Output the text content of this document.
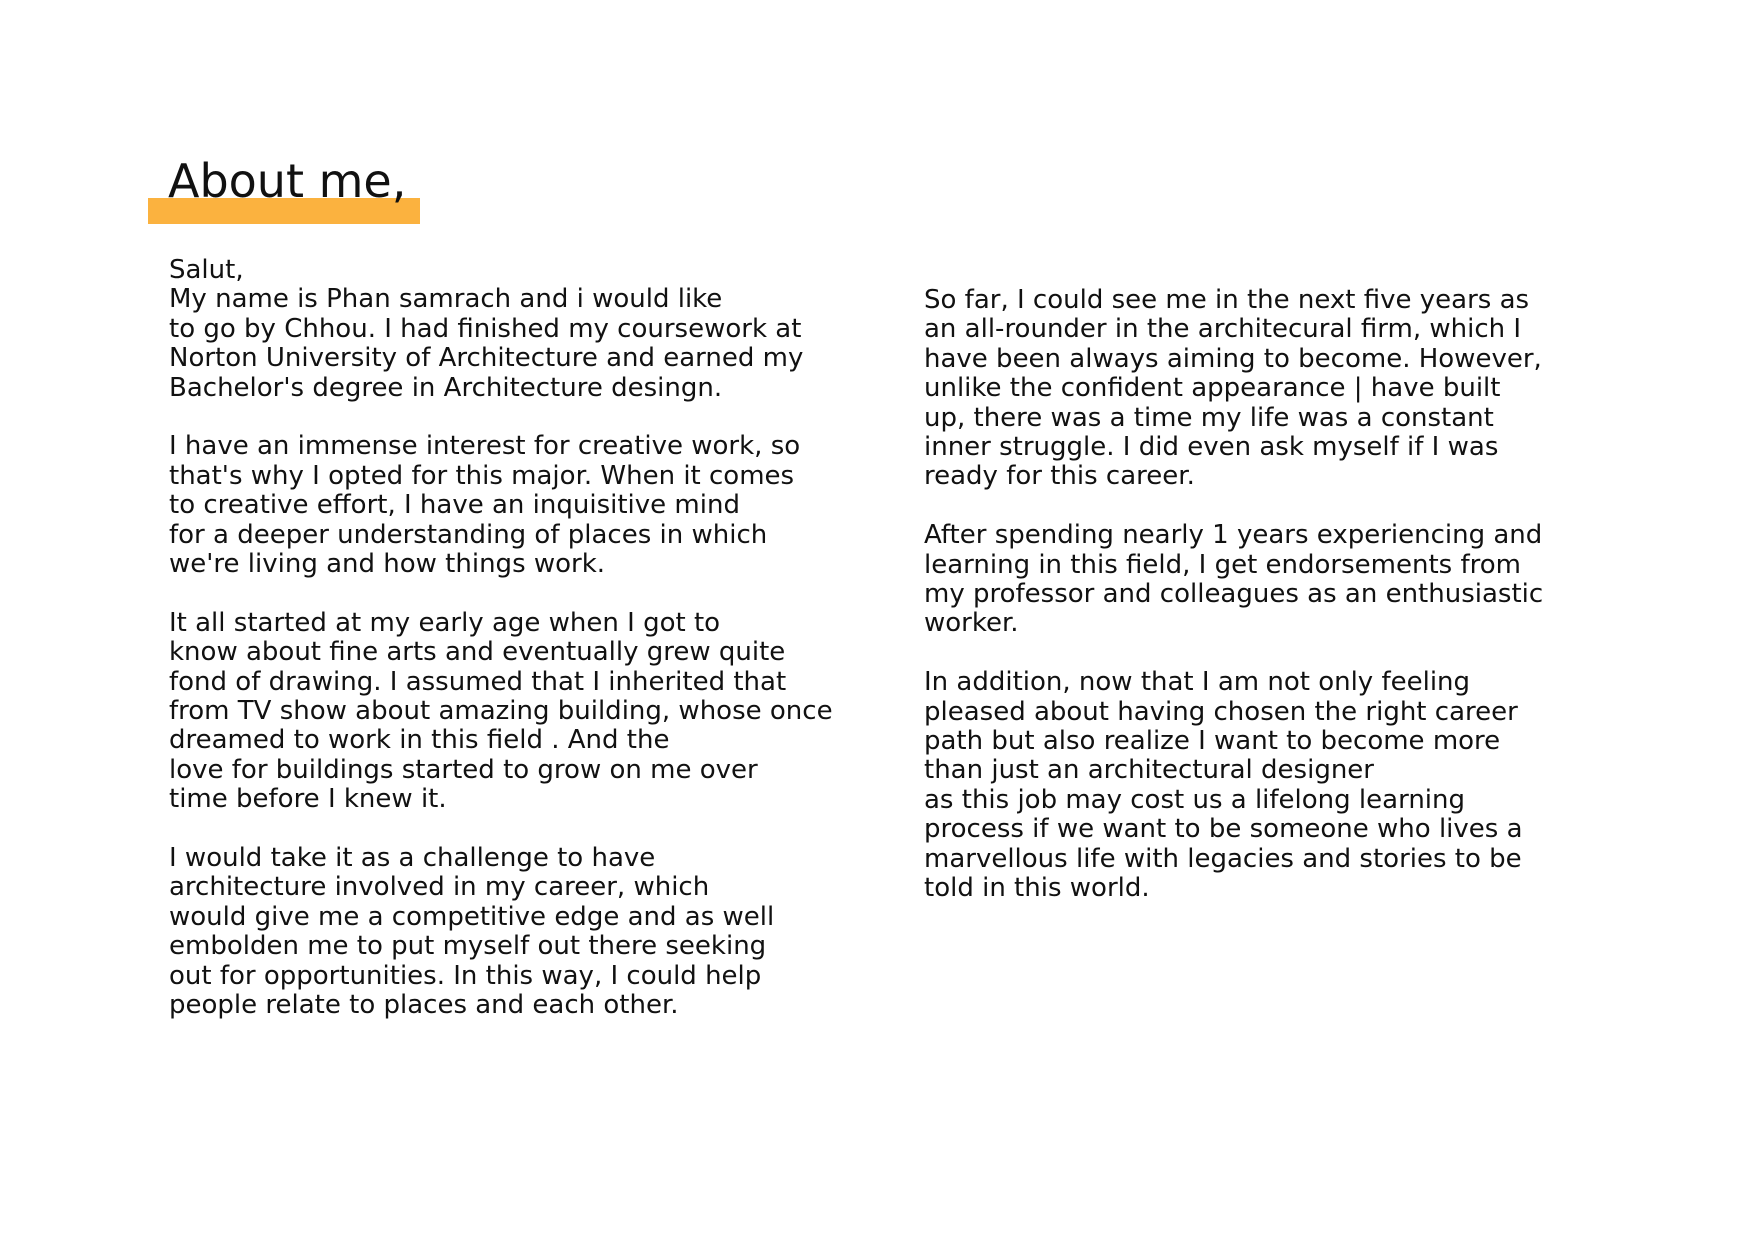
About me,
Salut,
My name is Phan samrach and i would like
to go by Chhou. I had finished my coursework at
Norton University of Architecture and earned my
Bachelor's degree in Architecture desingn.
I have an immense interest for creative work, so
that's why I opted for this major. When it comes
to creative effort, I have an inquisitive mind
for a deeper understanding of places in which
we're living and how things work.
It all started at my early age when I got to
know about fine arts and eventually grew quite
fond of drawing. I assumed that I inherited that
from TV show about amazing building, whose once
dreamed to work in this field . And the
love for buildings started to grow on me over
time before I knew it.
I would take it as a challenge to have
architecture involved in my career, which
would give me a competitive edge and as well
embolden me to put myself out there seeking
out for opportunities. In this way, I could help
people relate to places and each other.
So far, I could see me in the next five years as
an all-rounder in the architecural firm, which I
have been always aiming to become. However,
unlike the confident appearance | have built
up, there was a time my life was a constant
inner struggle. I did even ask myself if I was
ready for this career.
After spending nearly 1 years experiencing and
learning in this field, I get endorsements from
my professor and colleagues as an enthusiastic
worker.
In addition, now that I am not only feeling
pleased about having chosen the right career
path but also realize I want to become more
than just an architectural designer
as this job may cost us a lifelong learning
process if we want to be someone who lives a
marvellous life with legacies and stories to be
told in this world.
